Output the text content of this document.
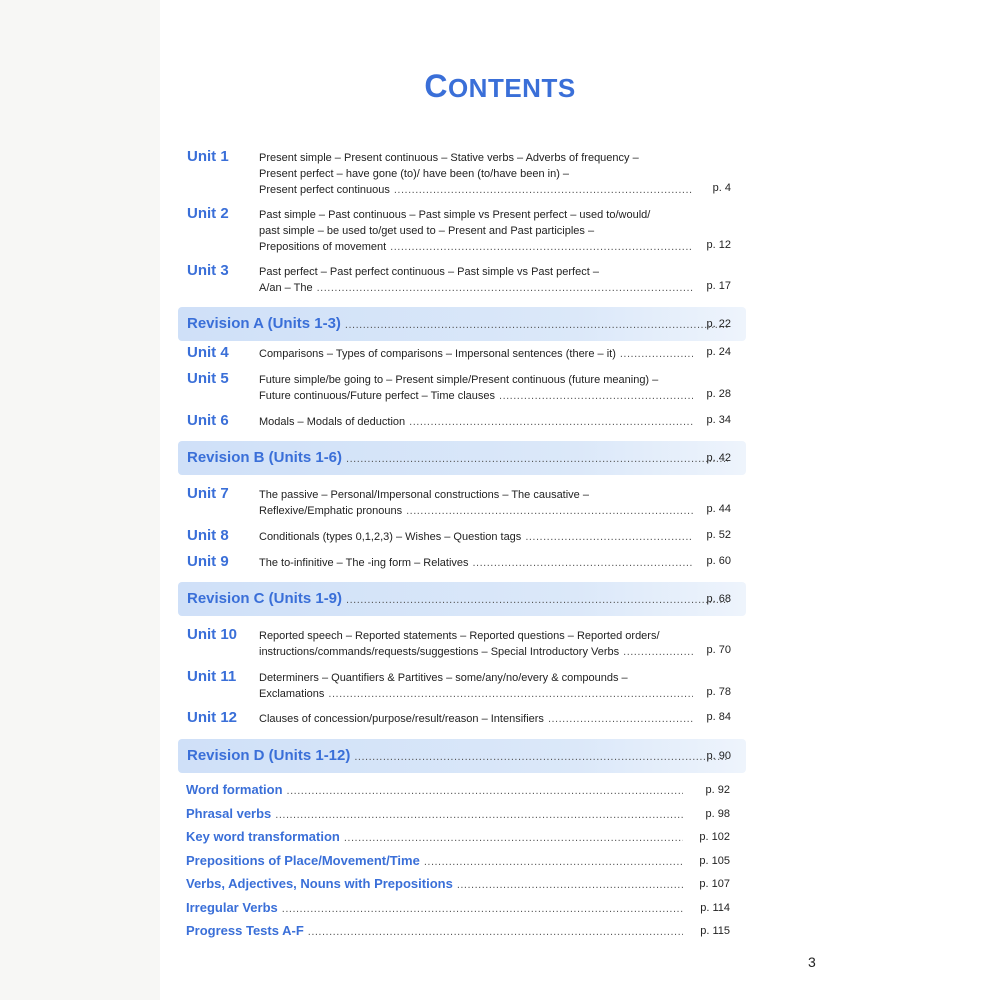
CONTENTS
Unit 1	Present simple – Present continuous – Stative verbs – Adverbs of frequency –
Present perfect – have gone (to)/ have been (to/have been in) –
Present perfect continuous .....	p. 4
Unit 2	Past simple – Past continuous – Past simple vs Present perfect – used to/would/
past simple – be used to/get used to – Present and Past participles –
Prepositions of movement .....	p. 12
Unit 3	Past perfect – Past perfect continuous – Past simple vs Past perfect –
A/an – The .....	p. 17
Revision A (Units 1-3) .....	p. 22
Unit 4	Comparisons – Types of comparisons – Impersonal sentences (there – it) .....	p. 24
Unit 5	Future simple/be going to – Present simple/Present continuous (future meaning) –
Future continuous/Future perfect – Time clauses .....	p. 28
Unit 6	Modals – Modals of deduction .....	p. 34
Revision B (Units 1-6) .....	p. 42
Unit 7	The passive – Personal/Impersonal constructions – The causative –
Reflexive/Emphatic pronouns .....	p. 44
Unit 8	Conditionals (types 0,1,2,3) – Wishes – Question tags .....	p. 52
Unit 9	The to-infinitive – The -ing form – Relatives .....	p. 60
Revision C (Units 1-9) .....	p. 68
Unit 10 Reported speech – Reported statements – Reported questions – Reported orders/
instructions/commands/requests/suggestions – Special Introductory Verbs .....	p. 70
Unit 11 Determiners – Quantifiers & Partitives – some/any/no/every & compounds –
Exclamations .....	p. 78
Unit 12 Clauses of concession/purpose/result/reason – Intensifiers .....	p. 84
Revision D (Units 1-12) .....	p. 90
Word formation .....	p. 92
Phrasal verbs .....	p. 98
Key word transformation .....	p. 102
Prepositions of Place/Movement/Time .....	p. 105
Verbs, Adjectives, Nouns with Prepositions .....	p. 107
Irregular Verbs .....	p. 114
Progress Tests A-F .....	p. 115
3
